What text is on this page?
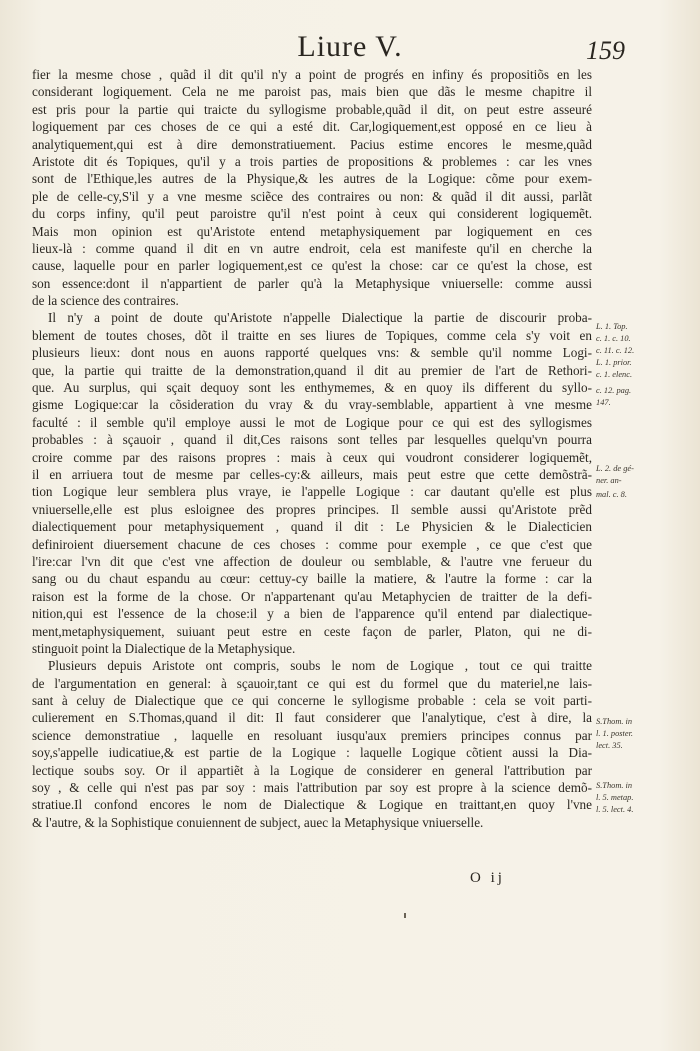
Liure V.	159
fier la mesme chose , quãd il dit qu'il n'y a point de progrés en infiny és propositiõs en les
considerant logiquement. Cela ne me paroist pas, mais bien que dãs le mesme chapitre il
est pris pour la partie qui traicte du syllogisme probable,quãd il dit, on peut estre asseuré
logiquement par ces choses de ce qui a esté dit. Car,logiquement,est opposé en ce lieu à
analytiquement,qui est à dire demonstratiuement. Pacius estime encores le mesme,quãd
Aristote dit és Topiques, qu'il y a trois parties de propositions & problemes : car les vnes
sont de l'Ethique,les autres de la Physique,& les autres de la Logique: cõme pour exem-
ple de celle-cy,S'il y a vne mesme sciẽce des contraires ou non: & quãd il dit aussi, parlãt
du corps infiny, qu'il peut paroistre qu'il n'est point à ceux qui considerent logiquemẽt.
Mais mon opinion est qu'Aristote entend metaphysiquement par logiquement en ces
lieux-là : comme quand il dit en vn autre endroit, cela est manifeste qu'il en cherche la
cause, laquelle pour en parler logiquement,est ce qu'est la chose: car ce qu'est la chose, est
son essence:dont il n'appartient de parler qu'à la Metaphysique vniuerselle: comme aussi
de la science des contraires.
Il n'y a point de doute qu'Aristote n'appelle Dialectique la partie de discourir proba-
blement de toutes choses, dõt il traitte en ses liures de Topiques, comme cela s'y voit en
plusieurs lieux: dont nous en auons rapporté quelques vns: & semble qu'il nomme Logi-
que, la partie qui traitte de la demonstration,quand il dit au premier de l'art de Rethori-
que. Au surplus, qui sçait dequoy sont les enthymemes, & en quoy ils different du syllo-
gisme Logique:car la cõsideration du vray & du vray-semblable, appartient à vne mesme
faculté : il semble qu'il employe aussi le mot de Logique pour ce qui est des syllogismes
probables : à sçauoir , quand il dit,Ces raisons sont telles par lesquelles quelqu'vn pourra
croire comme par des raisons propres : mais à ceux qui voudront considerer logiquemẽt,
il en arriuera tout de mesme par celles-cy:& ailleurs, mais peut estre que cette demõstrã-
tion Logique leur semblera plus vraye, ie l'appelle Logique : car dautant qu'elle est plus
vniuerselle,elle est plus esloignee des propres principes. Il semble aussi qu'Aristote prẽd
dialectiquement pour metaphysiquement , quand il dit : Le Physicien & le Dialecticien
definiroient diuersement chacune de ces choses : comme pour exemple , ce que c'est que
l'ire:car l'vn dit que c'est vne affection de douleur ou semblable, & l'autre vne ferueur du
sang ou du chaut espandu au cœur: cettuy-cy baille la matiere, & l'autre la forme : car la
raison est la forme de la chose. Or n'appartenant qu'au Metaphycien de traitter de la defi-
nition,qui est l'essence de la chose:il y a bien de l'apparence qu'il entend par dialectique-
ment,metaphysiquement, suiuant peut estre en ceste façon de parler, Platon, qui ne di-
stinguoit point la Dialectique de la Metaphysique.
Plusieurs depuis Aristote ont compris, soubs le nom de Logique , tout ce qui traitte
de l'argumentation en general: à sçauoir,tant ce qui est du formel que du materiel,ne lais-
sant à celuy de Dialectique que ce qui concerne le syllogisme probable : cela se voit parti-
culierement en S.Thomas,quand il dit: Il faut considerer que l'analytique, c'est à dire, la
science demonstratiue , laquelle en resoluant iusqu'aux premiers principes connus par
soy,s'appelle iudicatiue,& est partie de la Logique : laquelle Logique cõtient aussi la Dia-
lectique soubs soy. Or il appartiẽt à la Logique de considerer en general l'attribution par
soy , & celle qui n'est pas par soy : mais l'attribution par soy est propre à la science demõ-
stratiue.Il confond encores le nom de Dialectique & Logique en traittant,en quoy l'vne
& l'autre, & la Sophistique conuiennent de subject, auec la Metaphysique vniuerselle.
L. 1. Top.
c. 1. c. 10.
c. 11. c. 12.
L. 1. prior.
c. 1. elenc.
c. 12. pag.
147.
L. 2. de gé-
ner. an-
mal. c. 8.
S.Thom. in
l. 1. poster.
lect. 35.
S.Thom. in
l. 5. metap.
l. 5. lect. 4.
O ij
